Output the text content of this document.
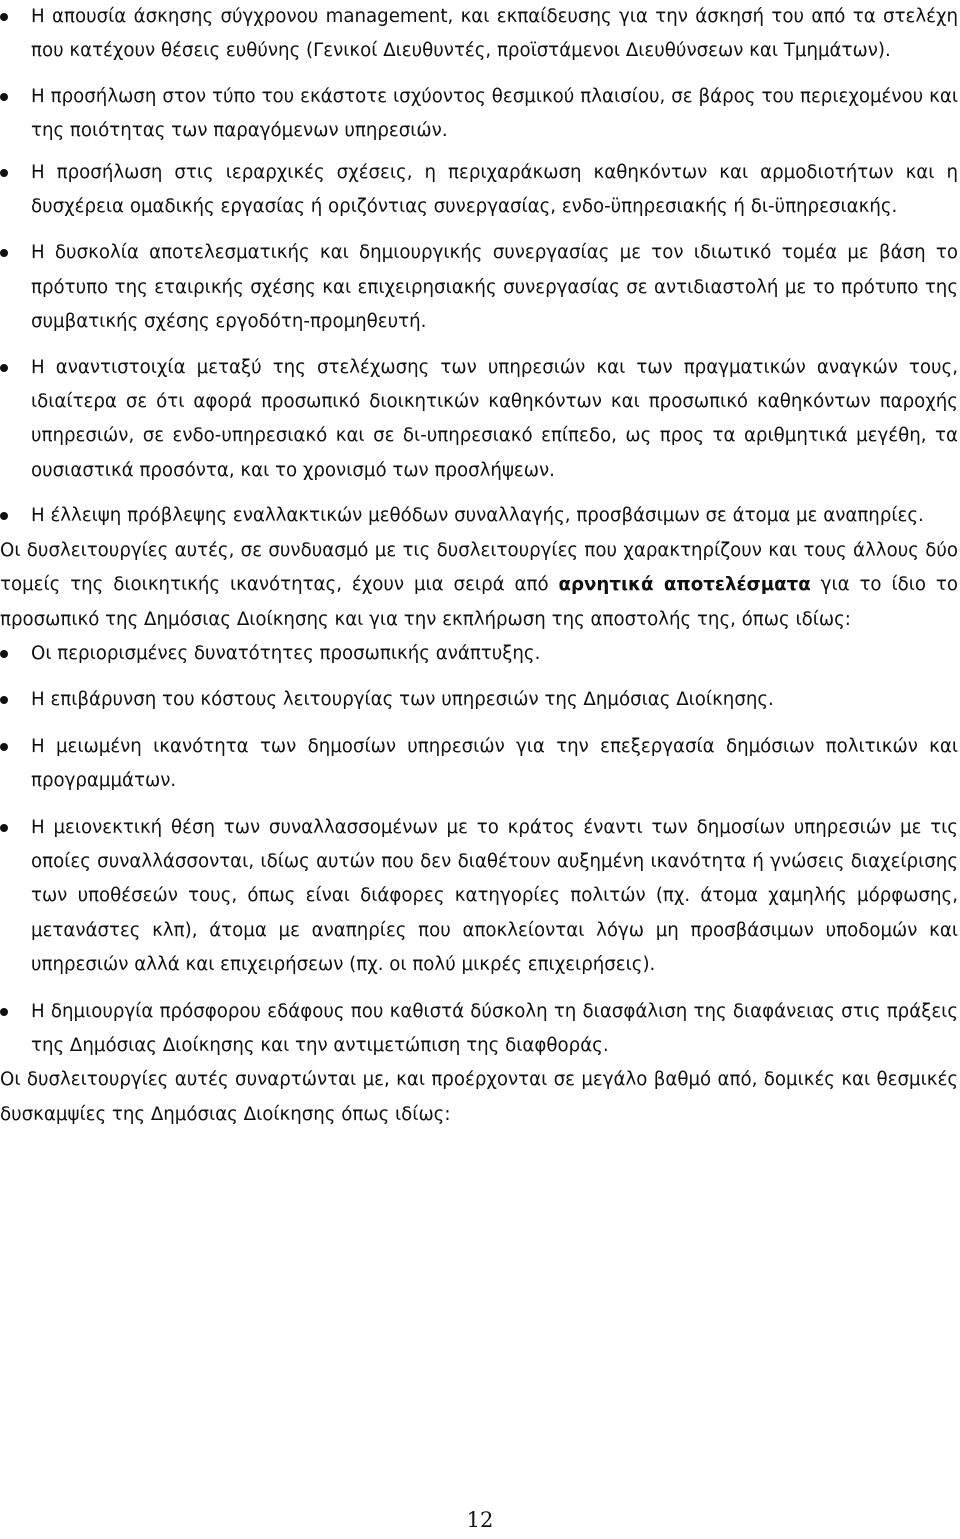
Η απουσία άσκησης σύγχρονου management, και εκπαίδευσης για την άσκησή του από τα στελέχη που κατέχουν θέσεις ευθύνης (Γενικοί Διευθυντές, προϊστάμενοι Διευθύνσεων και Τμημάτων).
Η προσήλωση στον τύπο του εκάστοτε ισχύοντος θεσμικού πλαισίου, σε βάρος του περιεχομένου και της ποιότητας των παραγόμενων υπηρεσιών.
Η προσήλωση στις ιεραρχικές σχέσεις, η περιχαράκωση καθηκόντων και αρμοδιοτήτων και η δυσχέρεια ομαδικής εργασίας ή οριζόντιας συνεργασίας, ενδο-ϋπηρεσιακής ή δι-ϋπηρεσιακής.
Η δυσκολία αποτελεσματικής και δημιουργικής συνεργασίας με τον ιδιωτικό τομέα με βάση το πρότυπο της εταιρικής σχέσης και επιχειρησιακής συνεργασίας σε αντιδιαστολή με το πρότυπο της συμβατικής σχέσης εργοδότη-προμηθευτή.
Η αναντιστοιχία μεταξύ της στελέχωσης των υπηρεσιών και των πραγματικών αναγκών τους, ιδιαίτερα σε ότι αφορά προσωπικό διοικητικών καθηκόντων και προσωπικό καθηκόντων παροχής υπηρεσιών, σε ενδο-υπηρεσιακό και σε δι-υπηρεσιακό επίπεδο, ως προς τα αριθμητικά μεγέθη, τα ουσιαστικά προσόντα, και το χρονισμό των προσλήψεων.
Η έλλειψη πρόβλεψης εναλλακτικών μεθόδων συναλλαγής, προσβάσιμων σε άτομα με αναπηρίες.

Οι δυσλειτουργίες αυτές, σε συνδυασμό με τις δυσλειτουργίες που χαρακτηρίζουν και τους άλλους δύο τομείς της διοικητικής ικανότητας, έχουν μια σειρά από αρνητικά αποτελέσματα για το ίδιο το προσωπικό της Δημόσιας Διοίκησης και για την εκπλήρωση της αποστολής της, όπως ιδίως:

Οι περιορισμένες δυνατότητες προσωπικής ανάπτυξης.
Η επιβάρυνση του κόστους λειτουργίας των υπηρεσιών της Δημόσιας Διοίκησης.
Η μειωμένη ικανότητα των δημοσίων υπηρεσιών για την επεξεργασία δημόσιων πολιτικών και προγραμμάτων.
Η μειονεκτική θέση των συναλλασσομένων με το κράτος έναντι των δημοσίων υπηρεσιών με τις οποίες συναλλάσσονται, ιδίως αυτών που δεν διαθέτουν αυξημένη ικανότητα ή γνώσεις διαχείρισης των υποθέσεών τους, όπως είναι διάφορες κατηγορίες πολιτών (πχ. άτομα χαμηλής μόρφωσης, μετανάστες κλπ), άτομα με αναπηρίες που αποκλείονται λόγω μη προσβάσιμων υποδομών και υπηρεσιών αλλά και επιχειρήσεων (πχ. οι πολύ μικρές επιχειρήσεις).
Η δημιουργία πρόσφορου εδάφους που καθιστά δύσκολη τη διασφάλιση της διαφάνειας στις πράξεις της Δημόσιας Διοίκησης και την αντιμετώπιση της διαφθοράς.

Οι δυσλειτουργίες αυτές συναρτώνται με, και προέρχονται σε μεγάλο βαθμό από, δομικές και θεσμικές δυσκαμψίες της Δημόσιας Διοίκησης όπως ιδίως:

12
